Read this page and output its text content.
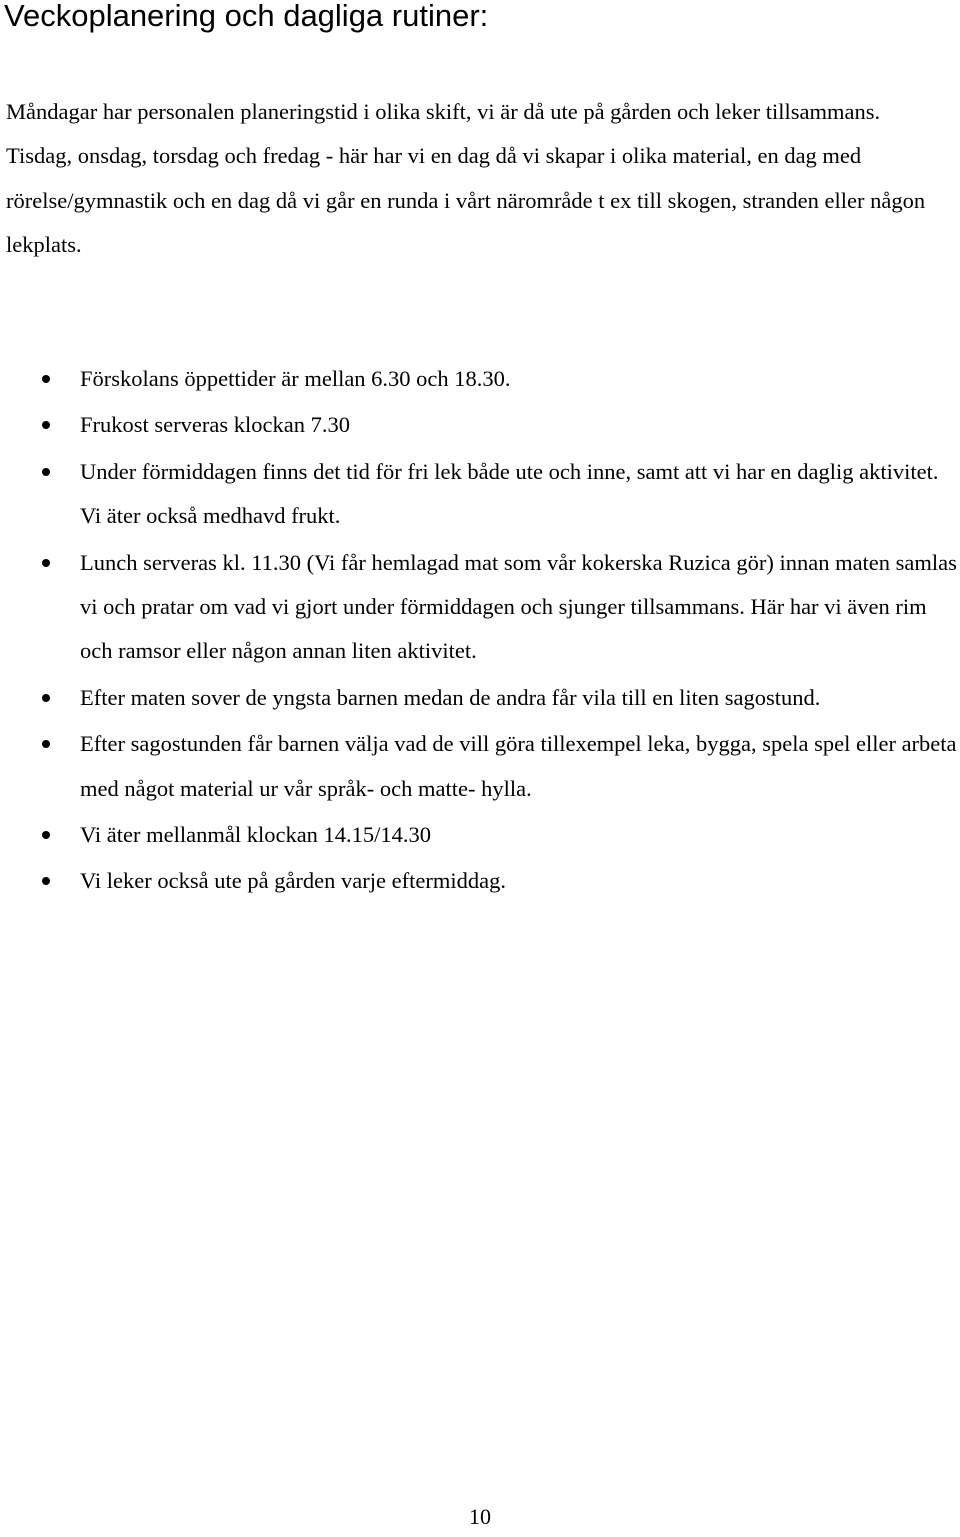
Veckoplanering och dagliga rutiner:

Måndagar har personalen planeringstid i olika skift, vi är då ute på gården och leker tillsammans.

Tisdag, onsdag, torsdag och fredag - här har vi en dag då vi skapar i olika material, en dag med rörelse/gymnastik och en dag då vi går en runda i vårt närområde t ex till skogen, stranden eller någon lekplats.

Förskolans öppettider är mellan 6.30 och 18.30.
Frukost serveras klockan 7.30
Under förmiddagen finns det tid för fri lek både ute och inne, samt att vi har en daglig aktivitet. Vi äter också medhavd frukt.
Lunch serveras kl. 11.30 (Vi får hemlagad mat som vår kokerska Ruzica gör) innan maten samlas vi och pratar om vad vi gjort under förmiddagen och sjunger tillsammans. Här har vi även rim och ramsor eller någon annan liten aktivitet.
Efter maten sover de yngsta barnen medan de andra får vila till en liten sagostund.
Efter sagostunden får barnen välja vad de vill göra tillexempel leka, bygga, spela spel eller arbeta med något material ur vår språk- och matte- hylla.
Vi äter mellanmål klockan 14.15/14.30
Vi leker också ute på gården varje eftermiddag.
10
